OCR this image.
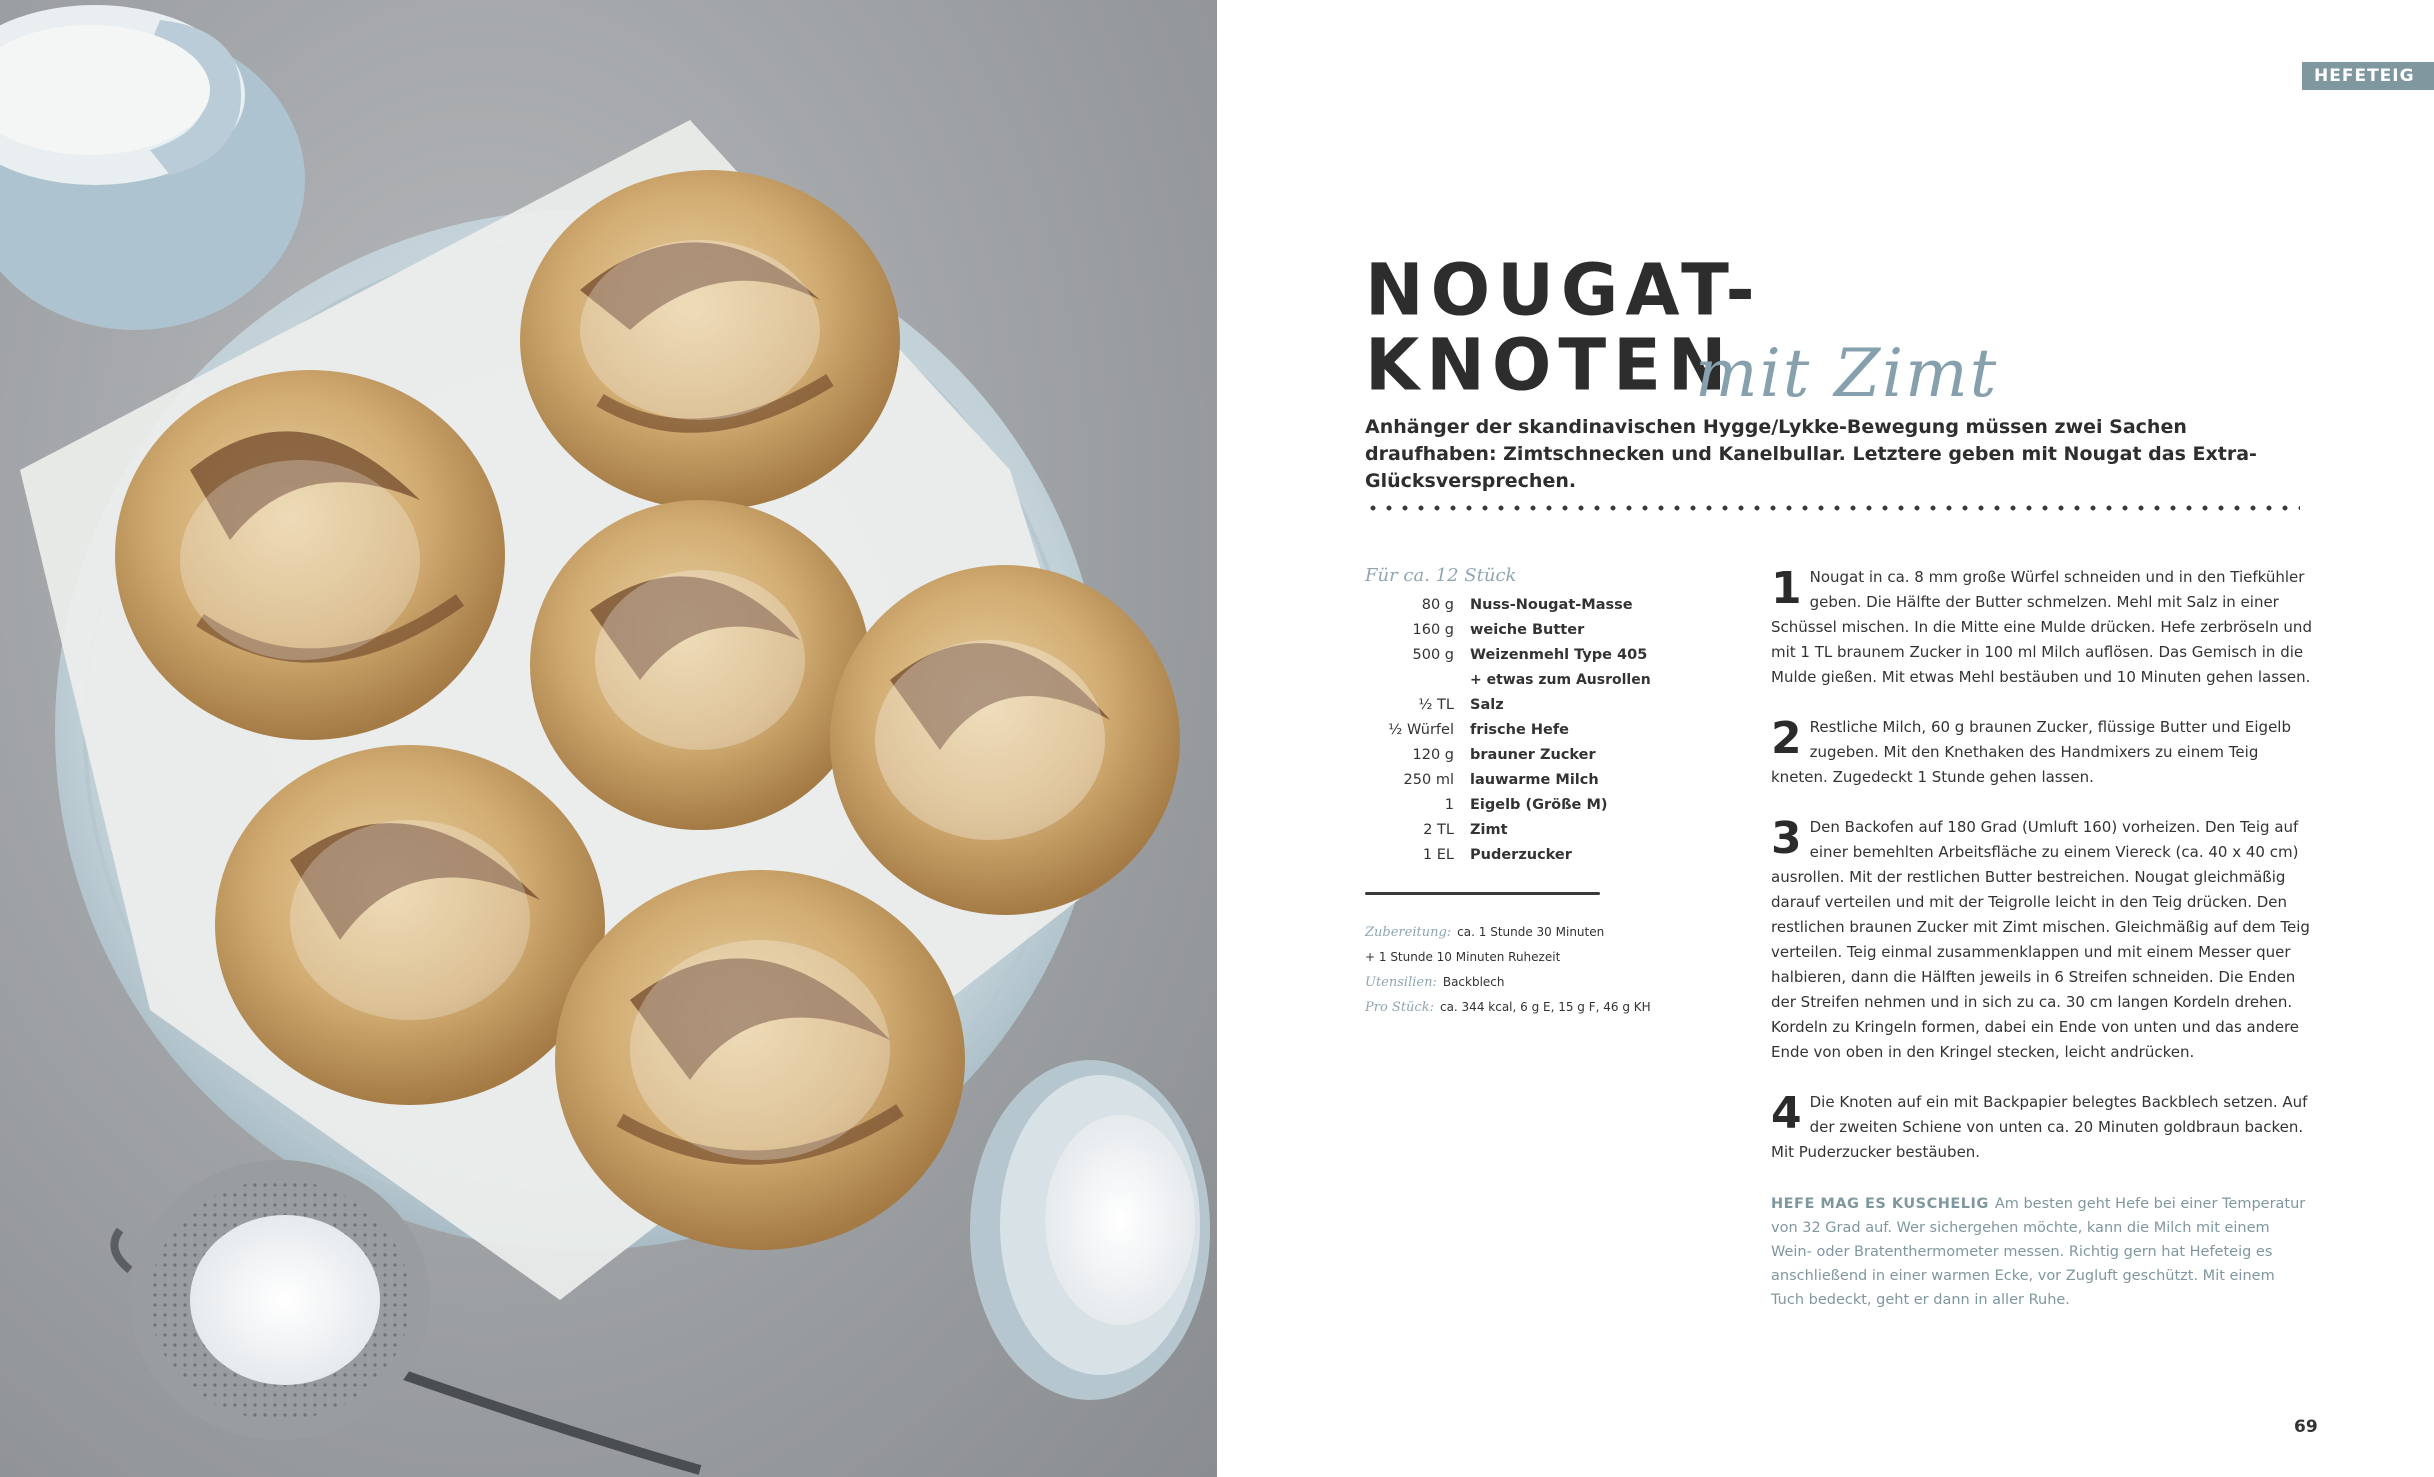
HEFETEIG
NOUGAT-
KNOTEN
mit Zimt
Anhänger der skandinavischen Hygge/Lykke-Bewegung müssen zwei Sachen draufhaben: Zimtschnecken und Kanelbullar. Letztere geben mit Nougat das Extra-Glücksversprechen.
Für ca. 12 Stück
80 g	Nuss-Nougat-Masse
160 g	weiche Butter
500 g	Weizenmehl Type 405
+ etwas zum Ausrollen
½ TL	Salz
½ Würfel	frische Hefe
120 g	brauner Zucker
250 ml	lauwarme Milch
1	Eigelb (Größe M)
2 TL	Zimt
1 EL	Puderzucker
Zubereitung: ca. 1 Stunde 30 Minuten
+ 1 Stunde 10 Minuten Ruhezeit
Utensilien: Backblech
Pro Stück: ca. 344 kcal, 6 g E, 15 g F, 46 g KH
1 Nougat in ca. 8 mm große Würfel schneiden und in den Tiefkühler geben. Die Hälfte der Butter schmelzen. Mehl mit Salz in einer Schüssel mischen. In die Mitte eine Mulde drücken. Hefe zerbröseln und mit 1 TL braunem Zucker in 100 ml Milch auflösen. Das Gemisch in die Mulde gießen. Mit etwas Mehl bestäuben und 10 Minuten gehen lassen.
2 Restliche Milch, 60 g braunen Zucker, flüssige Butter und Eigelb zugeben. Mit den Knethaken des Handmixers zu einem Teig kneten. Zugedeckt 1 Stunde gehen lassen.
3 Den Backofen auf 180 Grad (Umluft 160) vorheizen. Den Teig auf einer bemehlten Arbeitsfläche zu einem Viereck (ca. 40 x 40 cm) ausrollen. Mit der restlichen Butter bestreichen. Nougat gleichmäßig darauf verteilen und mit der Teigrolle leicht in den Teig drücken. Den restlichen braunen Zucker mit Zimt mischen. Gleichmäßig auf dem Teig verteilen. Teig einmal zusammenklappen und mit einem Messer quer halbieren, dann die Hälften jeweils in 6 Streifen schneiden. Die Enden der Streifen nehmen und in sich zu ca. 30 cm langen Kordeln drehen. Kordeln zu Kringeln formen, dabei ein Ende von unten und das andere Ende von oben in den Kringel stecken, leicht andrücken.
4 Die Knoten auf ein mit Backpapier belegtes Backblech setzen. Auf der zweiten Schiene von unten ca. 20 Minuten goldbraun backen. Mit Puderzucker bestäuben.
HEFE MAG ES KUSCHELIG Am besten geht Hefe bei einer Temperatur von 32 Grad auf. Wer sichergehen möchte, kann die Milch mit einem Wein- oder Bratenthermometer messen. Richtig gern hat Hefeteig es anschließend in einer warmen Ecke, vor Zugluft geschützt. Mit einem Tuch bedeckt, geht er dann in aller Ruhe.
69
